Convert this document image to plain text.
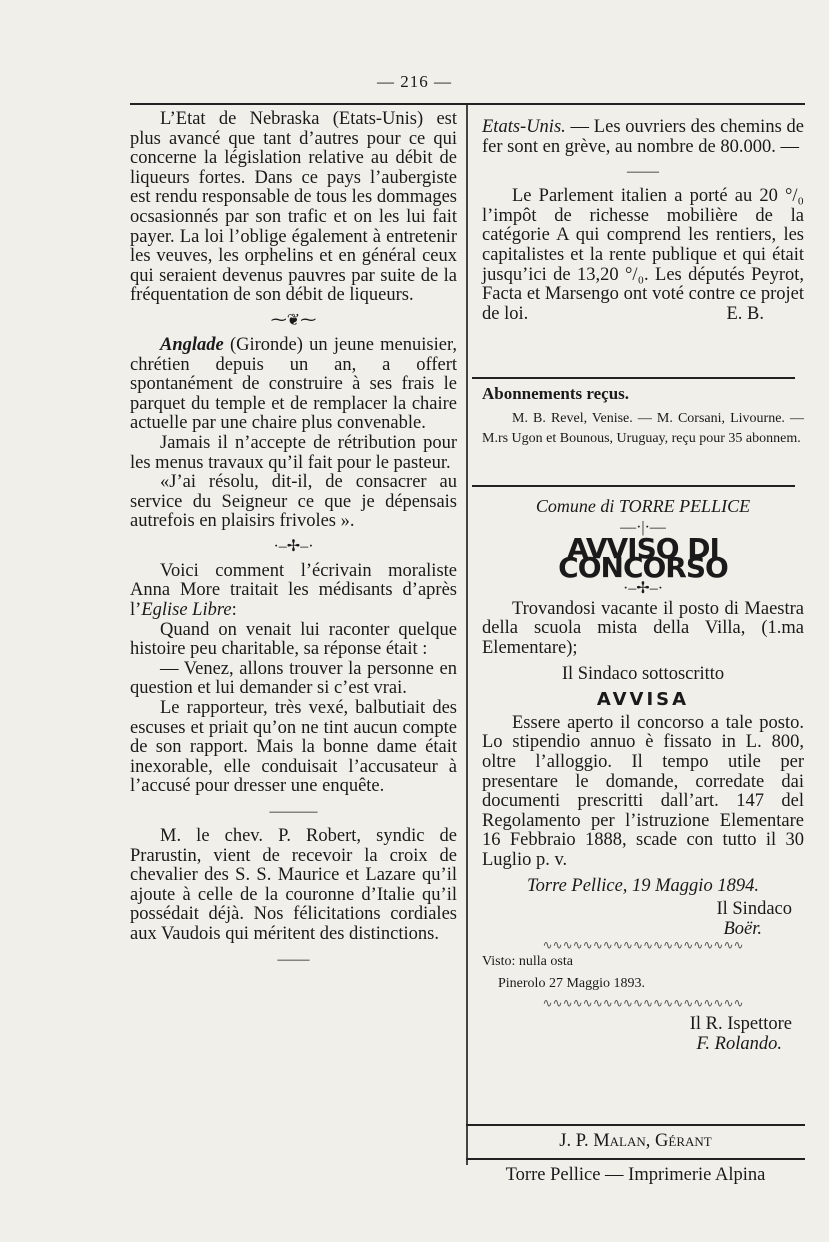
— 216 —

L’Etat de Nebraska (Etats-Unis) est plus avancé que tant d’autres pour ce qui concerne la législation relative au débit de liqueurs fortes. Dans ce pays l’aubergiste est rendu responsable de tous les dommages ocsasionnés par son trafic et on les lui fait payer. La loi l’oblige également à entretenir les veuves, les orphelins et en général ceux qui seraient devenus pauvres par suite de la fréquentation de son débit de liqueurs.

⁓❦⁓

Anglade (Gironde) un jeune menuisier, chrétien depuis un an, a offert spontanément de construire à ses frais le parquet du temple et de remplacer la chaire actuelle par une chaire plus convenable.

Jamais il n’accepte de rétribution pour les menus travaux qu’il fait pour le pasteur.

«J’ai résolu, dit-il, de consacrer au service du Seigneur ce que je dépensais autrefois en plaisirs frivoles ».

·–✢–·

Voici comment l’écrivain moraliste Anna More traitait les médisants d’après l’Eglise Libre:

Quand on venait lui raconter quelque histoire peu charitable, sa réponse était :

— Venez, allons trouver la personne en question et lui demander si c’est vrai.

Le rapporteur, très vexé, balbutiait des escuses et priait qu’on ne tint aucun compte de son rapport. Mais la bonne dame était inexorable, elle conduisait l’accusateur à l’accusé pour dresser une enquête.

———

M. le chev. P. Robert, syndic de Prarustin, vient de recevoir la croix de chevalier des S. S. Maurice et Lazare qu’il ajoute à celle de la couronne d’Italie qu’il possédait déjà. Nos félicitations cordiales aux Vaudois qui méritent des distinctions.

——

Etats-Unis. — Les ouvriers des chemins de fer sont en grève, au nombre de 80.000. —

——

Le Parlement italien a porté au 20 °/₀ l’impôt de richesse mobilière de la catégorie A qui comprend les rentiers, les capitalistes et la rente publique et qui était jusqu’ici de 13,20 °/₀. Les députés Peyrot, Facta et Marsengo ont voté contre ce projet de loi.	E. B.

Abonnements reçus.

M. B. Revel, Venise. — M. Corsani, Livourne. — M.rs Ugon et Bounous, Uruguay, reçu pour 35 abonnem.

Comune di TORRE PELLICE
—·|·—
AVVISO DI CONCORSO
·–✢–·

Trovandosi vacante il posto di Maestra della scuola mista della Villa, (1.ma Elementare);

Il Sindaco sottoscritto
AVVISA

Essere aperto il concorso a tale posto. Lo stipendio annuo è fissato in L. 800, oltre l’alloggio. Il tempo utile per presentare le domande, corredate dai documenti prescritti dall’art. 147 del Regolamento per l’istruzione Elementare 16 Febbraio 1888, scade con tutto il 30 Luglio p. v.

Torre Pellice, 19 Maggio 1894.
Il Sindaco
Boër.
∿∿∿∿∿∿∿∿∿∿∿∿∿∿∿∿∿∿∿∿
Visto: nulla osta
Pinerolo 27 Maggio 1893.
∿∿∿∿∿∿∿∿∿∿∿∿∿∿∿∿∿∿∿∿
Il R. Ispettore
F. Rolando.
J. P. Malan, Gérant
Torre Pellice — Imprimerie Alpina
